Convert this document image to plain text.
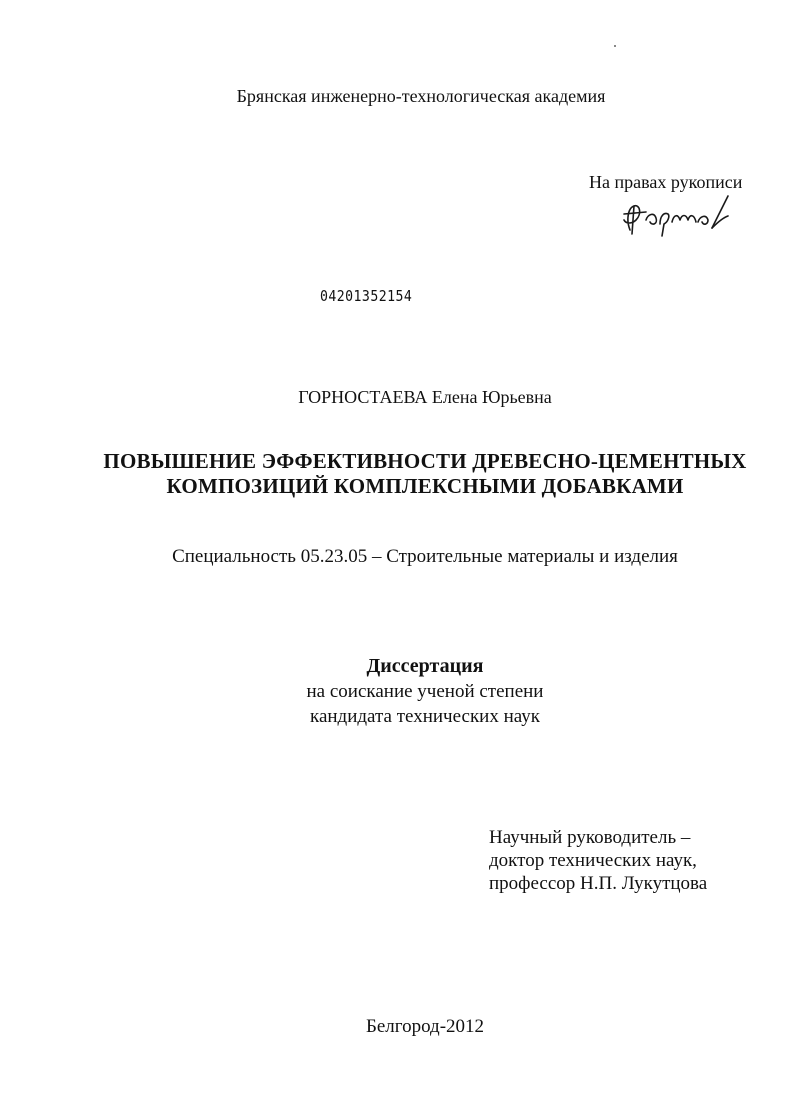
Брянская инженерно-технологическая академия
На правах рукописи
04201352154
ГОРНОСТАЕВА Елена Юрьевна
ПОВЫШЕНИЕ ЭФФЕКТИВНОСТИ ДРЕВЕСНО-ЦЕМЕНТНЫХ
КОМПОЗИЦИЙ КОМПЛЕКСНЫМИ ДОБАВКАМИ
Специальность 05.23.05 – Строительные материалы и изделия
Диссертация
на соискание ученой степени
кандидата технических наук
Научный руководитель –
доктор технических наук,
профессор Н.П. Лукутцова
Белгород-2012
